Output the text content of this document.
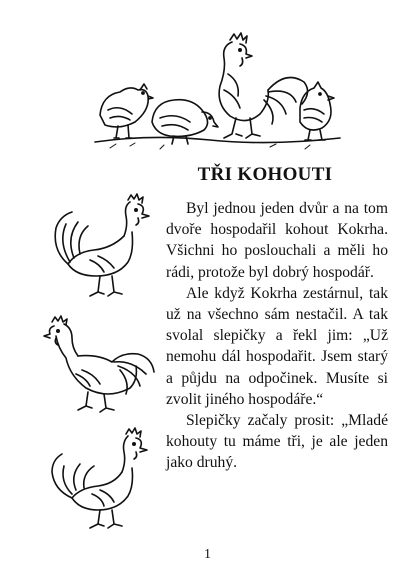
TŘI KOHOUTI

Byl jednou jeden dvůr a na tom dvoře hospodařil kohout Kokrha. Všichni ho poslouchali a měli ho rádi, protože byl dobrý hospodář.

Ale když Kokrha zestárnul, tak už na všechno sám nestačil. A tak svolal slepičky a řekl jim: „Už nemohu dál hospodařit. Jsem starý a půjdu na odpočinek. Musíte si zvolit jiného hospodáře.“

Slepičky začaly prosit: „Mladé kohouty tu máme tři, je ale jeden jako druhý.

1
